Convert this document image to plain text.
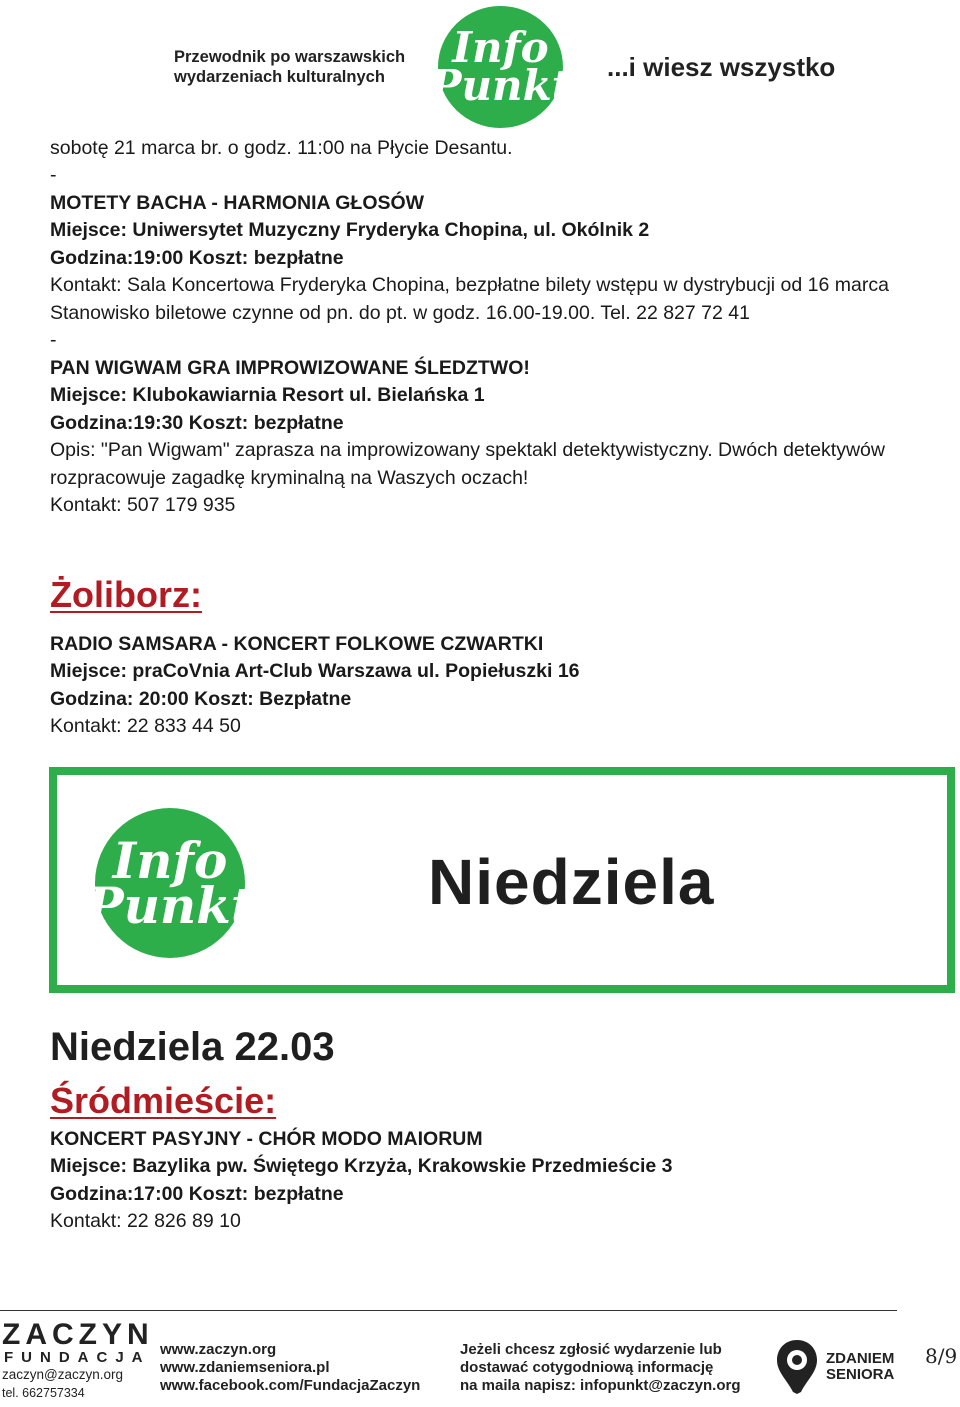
Przewodnik po warszawskich
wydarzeniach kulturalnych
Info
Punkt ...i wiesz wszystko
sobotę 21 marca br. o godz. 11:00 na Płycie Desantu.
-
MOTETY BACHA - HARMONIA GŁOSÓW
Miejsce: Uniwersytet Muzyczny Fryderyka Chopina, ul. Okólnik 2
Godzina:19:00 Koszt: bezpłatne
Kontakt: Sala Koncertowa Fryderyka Chopina, bezpłatne bilety wstępu w dystrybucji od 16 marca
Stanowisko biletowe czynne od pn. do pt. w godz. 16.00-19.00. Tel. 22 827 72 41
-
PAN WIGWAM GRA IMPROWIZOWANE ŚLEDZTWO!
Miejsce: Klubokawiarnia Resort ul. Bielańska 1
Godzina:19:30 Koszt: bezpłatne
Opis: "Pan Wigwam" zaprasza na improwizowany spektakl detektywistyczny. Dwóch detektywów rozpracowuje zagadkę kryminalną na Waszych oczach!
Kontakt: 507 179 935
Żoliborz:
RADIO SAMSARA - KONCERT FOLKOWE CZWARTKI
Miejsce: praCoVnia Art-Club Warszawa ul. Popiełuszki 16
Godzina: 20:00 Koszt: Bezpłatne
Kontakt: 22 833 44 50
Info
Punkt	Niedziela
Niedziela 22.03
Śródmieście:
KONCERT PASYJNY - CHÓR MODO MAIORUM
Miejsce: Bazylika pw. Świętego Krzyża, Krakowskie Przedmieście 3
Godzina:17:00 Koszt: bezpłatne
Kontakt: 22 826 89 10
ZACZYN
FUNDACJA
zaczyn@zaczyn.org
tel. 662757334
www.zaczyn.org
www.zdaniemseniora.pl
www.facebook.com/FundacjaZaczyn
Jeżeli chcesz zgłosić wydarzenie lub
dostawać cotygodniową informację
na maila napisz: infopunkt@zaczyn.org
ZDANIEM
SENIORA
8/9
